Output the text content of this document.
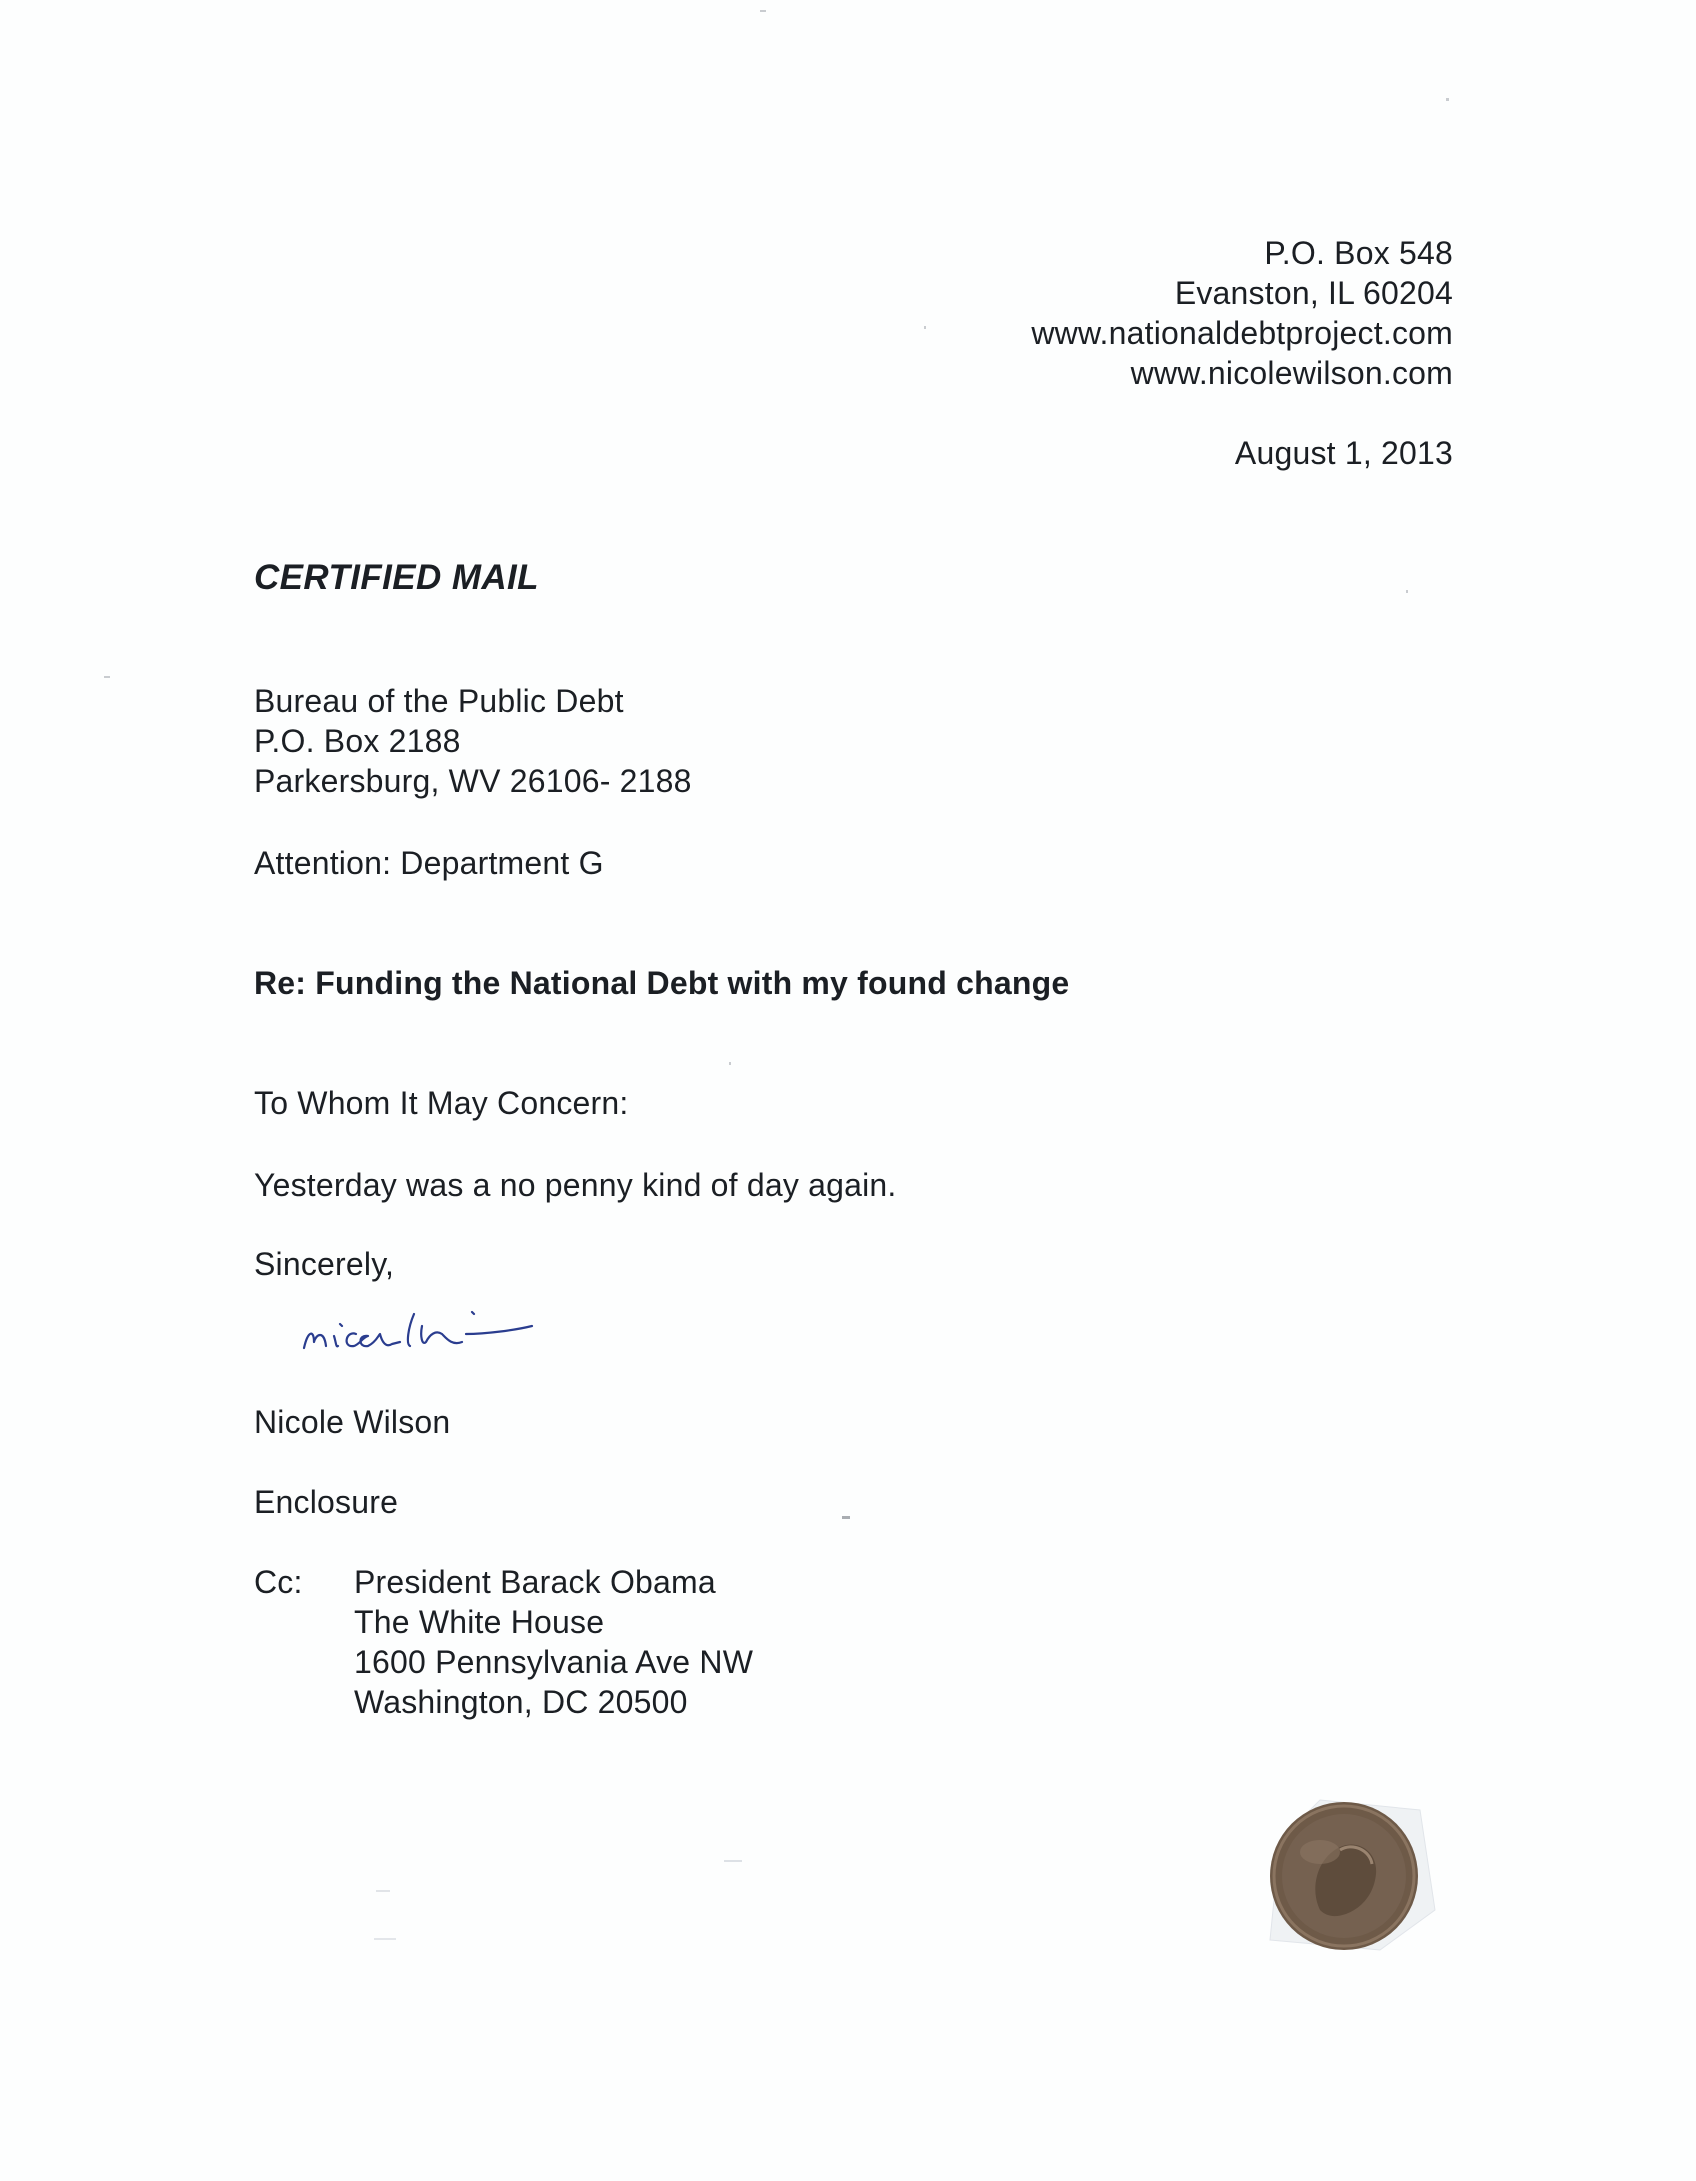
P.O. Box 548
Evanston, IL 60204
www.nationaldebtproject.com
www.nicolewilson.com
August 1, 2013
CERTIFIED MAIL
Bureau of the Public Debt
P.O. Box 2188
Parkersburg, WV 26106- 2188
Attention: Department G
Re: Funding the National Debt with my found change
To Whom It May Concern:
Yesterday was a no penny kind of day again.
Sincerely,
Nicole Wilson
Enclosure
Cc: President Barack Obama
The White House
1600 Pennsylvania Ave NW
Washington, DC 20500
